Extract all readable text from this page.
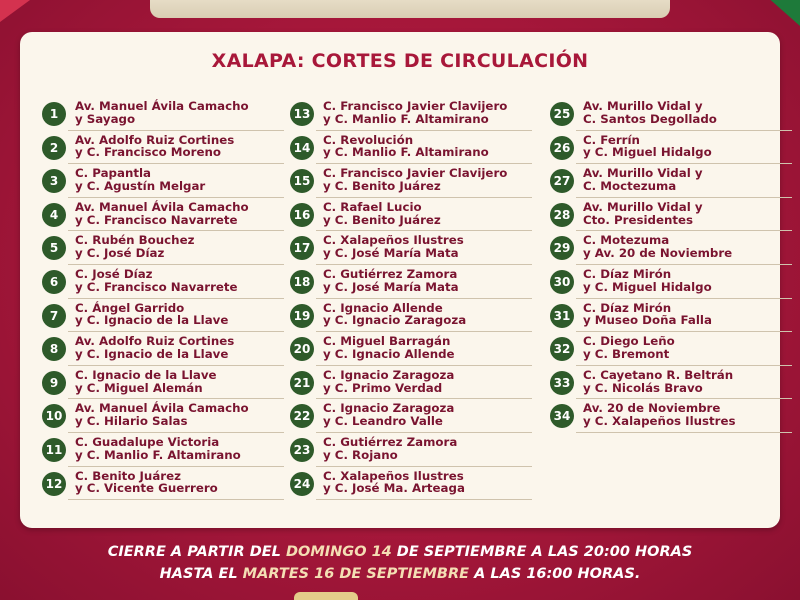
XALAPA: CORTES DE CIRCULACIÓN
1
Av. Manuel Ávila Camacho
y Sayago
2
Av. Adolfo Ruiz Cortines
y C. Francisco Moreno
3
C. Papantla
y C. Agustín Melgar
4
Av. Manuel Ávila Camacho
y C. Francisco Navarrete
5
C. Rubén Bouchez
y C. José Díaz
6
C. José Díaz
y C. Francisco Navarrete
7
C. Ángel Garrido
y C. Ignacio de la Llave
8
Av. Adolfo Ruiz Cortines
y C. Ignacio de la Llave
9
C. Ignacio de la Llave
y C. Miguel Alemán
10
Av. Manuel Ávila Camacho
y C. Hilario Salas
11
C. Guadalupe Victoria
y C. Manlio F. Altamirano
12
C. Benito Juárez
y C. Vicente Guerrero
13
C. Francisco Javier Clavijero
y C. Manlio F. Altamirano
14
C. Revolución
y C. Manlio F. Altamirano
15
C. Francisco Javier Clavijero
y C. Benito Juárez
16
C. Rafael Lucio
y C. Benito Juárez
17
C. Xalapeños Ilustres
y C. José María Mata
18
C. Gutiérrez Zamora
y C. José María Mata
19
C. Ignacio Allende
y C. Ignacio Zaragoza
20
C. Miguel Barragán
y C. Ignacio Allende
21
C. Ignacio Zaragoza
y C. Primo Verdad
22
C. Ignacio Zaragoza
y C. Leandro Valle
23
C. Gutiérrez Zamora
y C. Rojano
24
C. Xalapeños Ilustres
y C. José Ma. Arteaga
25
Av. Murillo Vidal y
C. Santos Degollado
26
C. Ferrín
y C. Miguel Hidalgo
27
Av. Murillo Vidal y
C. Moctezuma
28
Av. Murillo Vidal y
Cto. Presidentes
29
C. Motezuma
y Av. 20 de Noviembre
30
C. Díaz Mirón
y C. Miguel Hidalgo
31
C. Díaz Mirón
y Museo Doña Falla
32
C. Diego Leño
y C. Bremont
33
C. Cayetano R. Beltrán
y C. Nicolás Bravo
34
Av. 20 de Noviembre
y C. Xalapeños Ilustres
CIERRE A PARTIR DEL DOMINGO 14 DE SEPTIEMBRE A LAS 20:00 HORAS
HASTA EL MARTES 16 DE SEPTIEMBRE A LAS 16:00 HORAS.
